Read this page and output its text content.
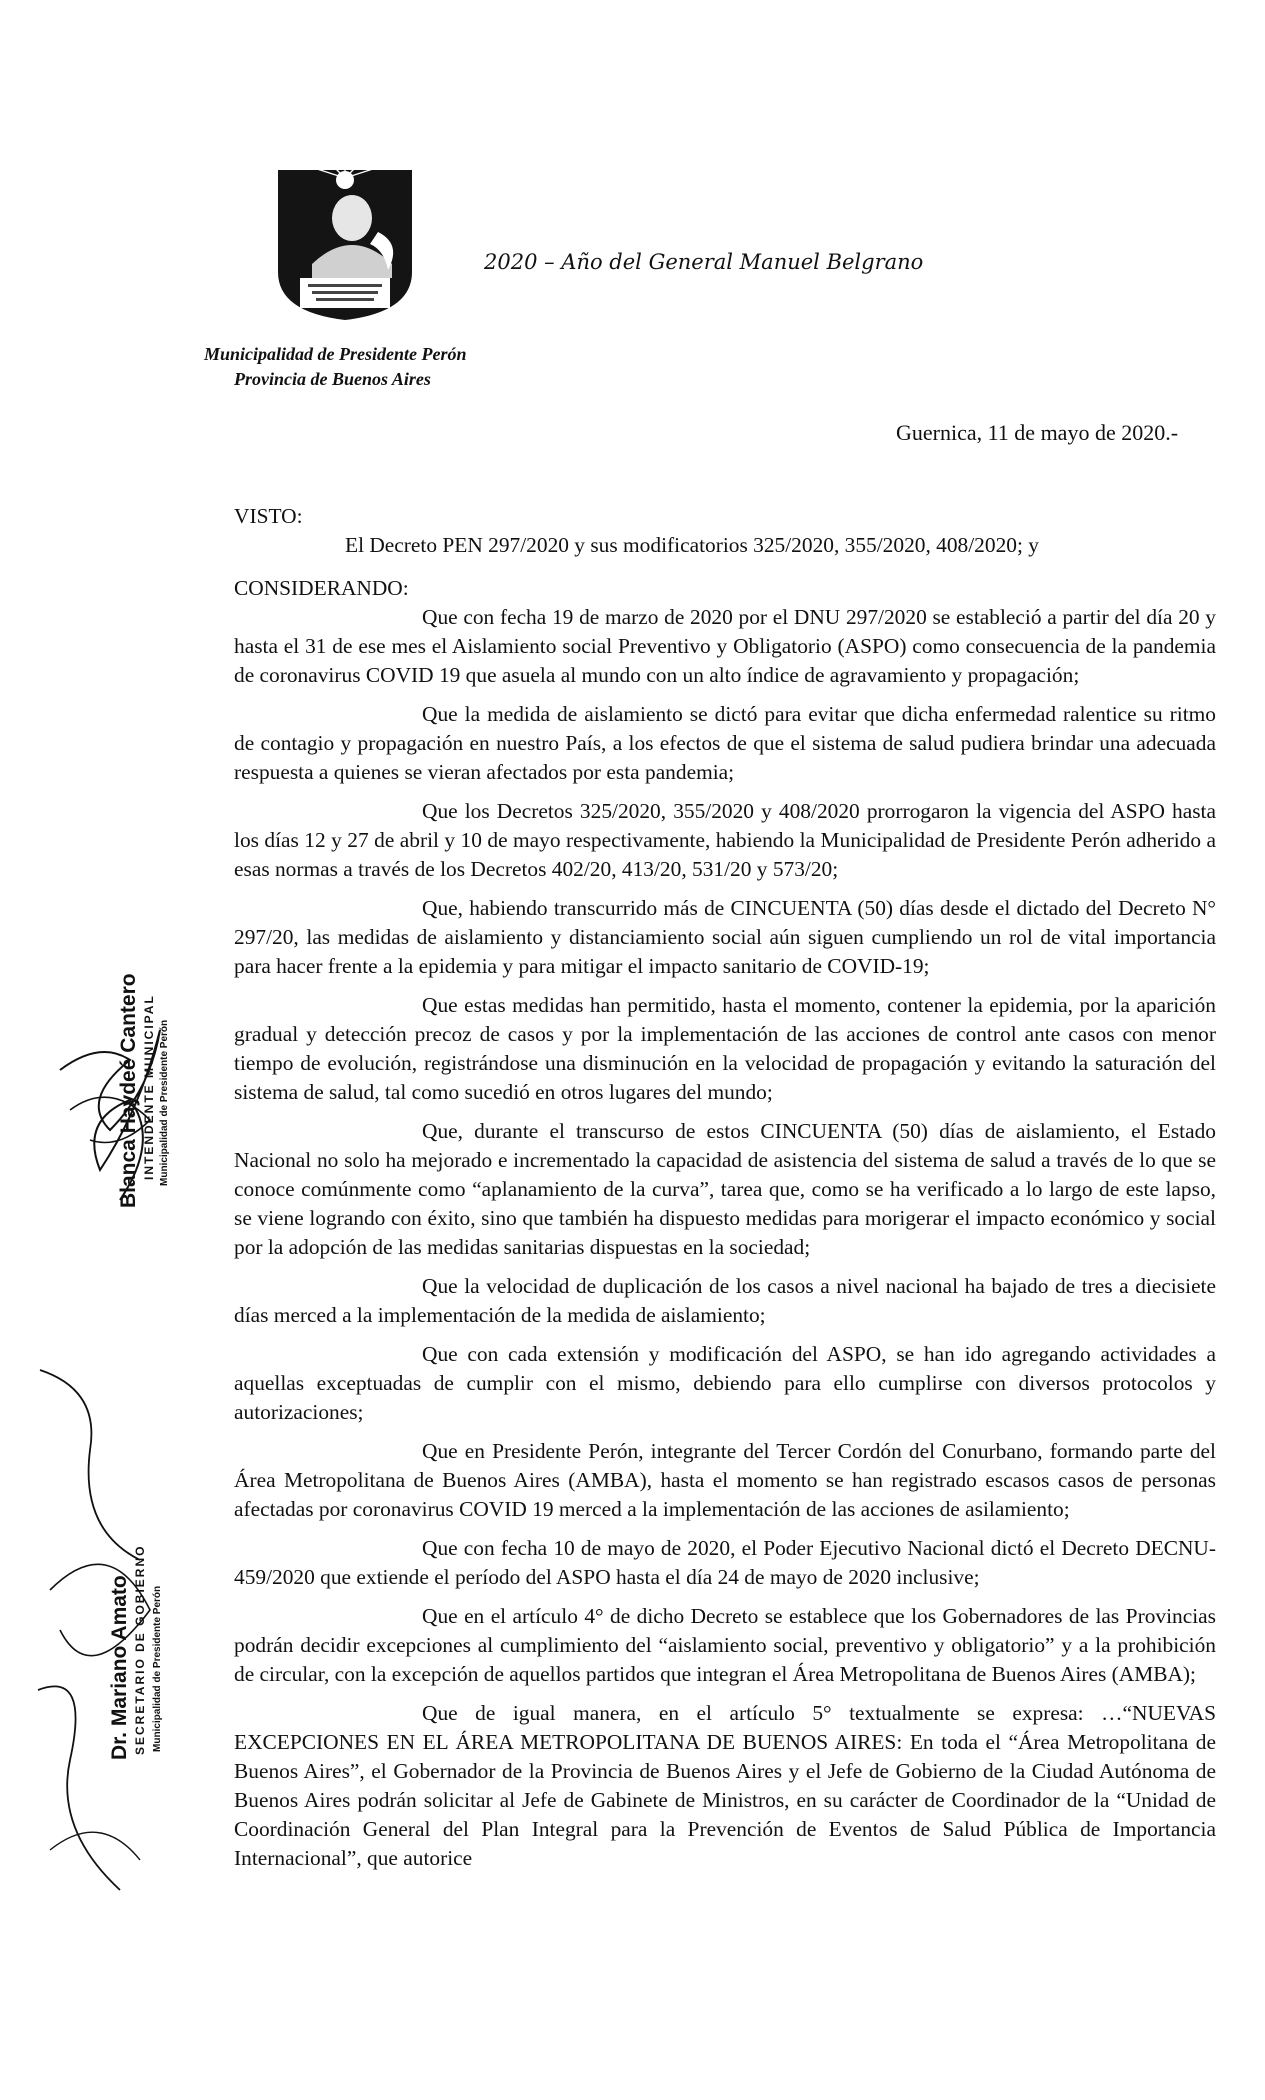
2020 – Año del General Manuel Belgrano
Municipalidad de Presidente Perón
Provincia de Buenos Aires
Guernica, 11 de mayo de 2020.-

VISTO:

El Decreto PEN 297/2020 y sus modificatorios 325/2020, 355/2020, 408/2020; y

CONSIDERANDO:

Que con fecha 19 de marzo de 2020 por el DNU 297/2020 se estableció a partir del día 20 y hasta el 31 de ese mes el Aislamiento social Preventivo y Obligatorio (ASPO) como consecuencia de la pandemia de coronavirus COVID 19 que asuela al mundo con un alto índice de agravamiento y propagación;

Que la medida de aislamiento se dictó para evitar que dicha enfermedad ralentice su ritmo de contagio y propagación en nuestro País, a los efectos de que el sistema de salud pudiera brindar una adecuada respuesta a quienes se vieran afectados por esta pandemia;

Que los Decretos 325/2020, 355/2020 y 408/2020 prorrogaron la vigencia del ASPO hasta los días 12 y 27 de abril y 10 de mayo respectivamente, habiendo la Municipalidad de Presidente Perón adherido a esas normas a través de los Decretos 402/20, 413/20, 531/20 y 573/20;

Que, habiendo transcurrido más de CINCUENTA (50) días desde el dictado del Decreto N° 297/20, las medidas de aislamiento y distanciamiento social aún siguen cumpliendo un rol de vital importancia para hacer frente a la epidemia y para mitigar el impacto sanitario de COVID-19;

Que estas medidas han permitido, hasta el momento, contener la epidemia, por la aparición gradual y detección precoz de casos y por la implementación de las acciones de control ante casos con menor tiempo de evolución, registrándose una disminución en la velocidad de propagación y evitando la saturación del sistema de salud, tal como sucedió en otros lugares del mundo;

Que, durante el transcurso de estos CINCUENTA (50) días de aislamiento, el Estado Nacional no solo ha mejorado e incrementado la capacidad de asistencia del sistema de salud a través de lo que se conoce comúnmente como “aplanamiento de la curva”, tarea que, como se ha verificado a lo largo de este lapso, se viene logrando con éxito, sino que también ha dispuesto medidas para morigerar el impacto económico y social por la adopción de las medidas sanitarias dispuestas en la sociedad;

Que la velocidad de duplicación de los casos a nivel nacional ha bajado de tres a diecisiete días merced a la implementación de la medida de aislamiento;

Que con cada extensión y modificación del ASPO, se han ido agregando actividades a aquellas exceptuadas de cumplir con el mismo, debiendo para ello cumplirse con diversos protocolos y autorizaciones;

Que en Presidente Perón, integrante del Tercer Cordón del Conurbano, formando parte del Área Metropolitana de Buenos Aires (AMBA), hasta el momento se han registrado escasos casos de personas afectadas por coronavirus COVID 19 merced a la implementación de las acciones de asilamiento;

Que con fecha 10 de mayo de 2020, el Poder Ejecutivo Nacional dictó el Decreto DECNU-459/2020 que extiende el período del ASPO hasta el día 24 de mayo de 2020 inclusive;

Que en el artículo 4° de dicho Decreto se establece que los Gobernadores de las Provincias podrán decidir excepciones al cumplimiento del “aislamiento social, preventivo y obligatorio” y a la prohibición de circular, con la excepción de aquellos partidos que integran el Área Metropolitana de Buenos Aires (AMBA);

Que de igual manera, en el artículo 5° textualmente se expresa: …“NUEVAS EXCEPCIONES EN EL ÁREA METROPOLITANA DE BUENOS AIRES: En toda el “Área Metropolitana de Buenos Aires”, el Gobernador de la Provincia de Buenos Aires y el Jefe de Gobierno de la Ciudad Autónoma de Buenos Aires podrán solicitar al Jefe de Gabinete de Ministros, en su carácter de Coordinador de la “Unidad de Coordinación General del Plan Integral para la Prevención de Eventos de Salud Pública de Importancia Internacional”, que autorice

Blanca Haydeé Cantero INTENDENTE MUNICIPAL Municipalidad de Presidente Perón
Dr. Mariano Amato SECRETARIO DE GOBIERNO Municipalidad de Presidente Perón
